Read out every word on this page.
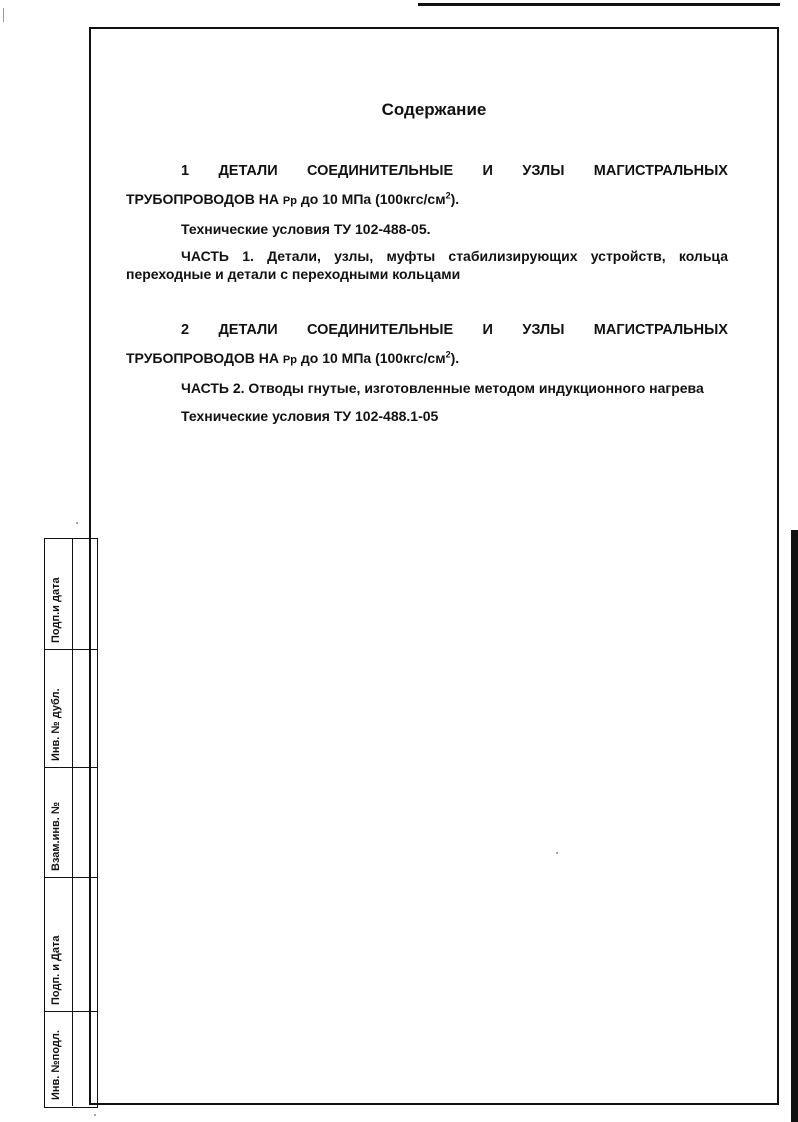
Содержание
1 ДЕТАЛИ СОЕДИНИТЕЛЬНЫЕ И УЗЛЫ МАГИСТРАЛЬНЫХ
ТРУБОПРОВОДОВ НА Рр до 10 МПа $(100кгс/см^2)$.
Технические условия ТУ 102-488-05.
ЧАСТЬ 1. Детали, узлы, муфты стабилизирующих устройств, кольца переходные и детали с переходными кольцами
2 ДЕТАЛИ СОЕДИНИТЕЛЬНЫЕ И УЗЛЫ МАГИСТРАЛЬНЫХ
ТРУБОПРОВОДОВ НА Рр до 10 МПа $(100кгс/см^2)$.
ЧАСТЬ 2. Отводы гнутые, изготовленные методом индукционного нагрева
Технические условия ТУ 102-488.1-05
Подп.и дата
Инв. № дубл.
Взам.инв. №
Подп. и Дата
Инв. №подл.
